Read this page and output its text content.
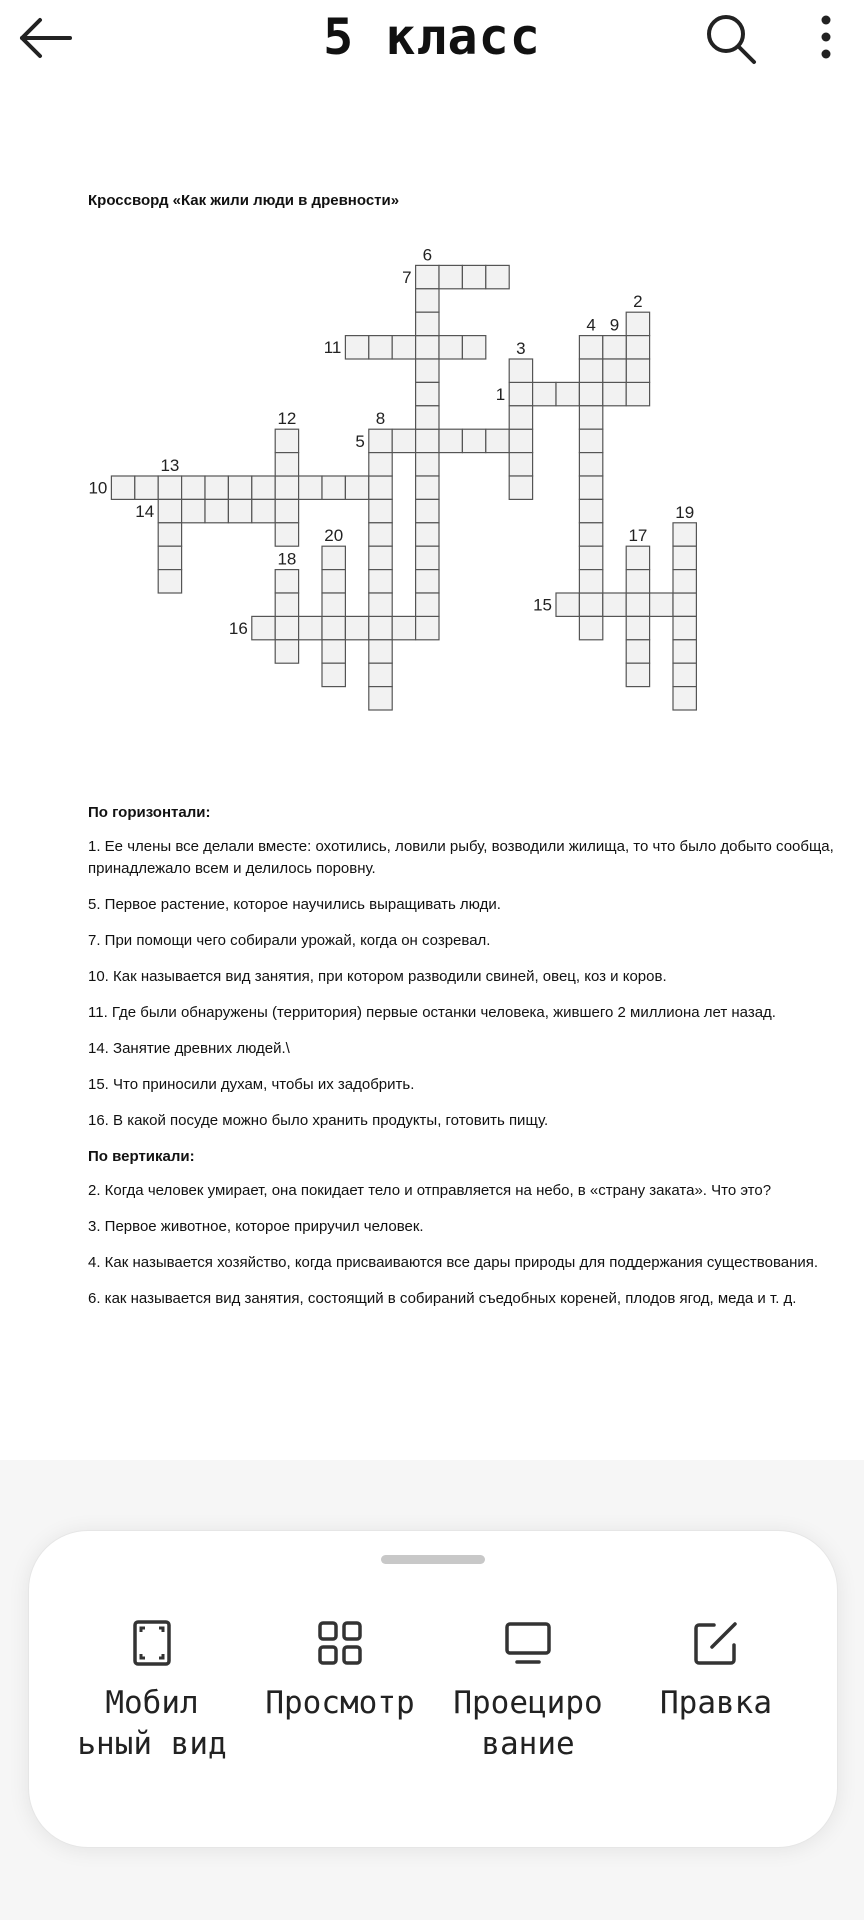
5 класс

Кроссворд «Как жили люди в древности»

1
5
7
10
11
14
15
16
2
3
4
6
8
9
12
13
17
18
19
20

По горизонтали:

1. Ее члены все делали вместе: охотились, ловили рыбу, возводили жилища, то что было добыто сообща, принадлежало всем и делилось поровну.

5. Первое растение, которое научились выращивать люди.

7. При помощи чего собирали урожай, когда он созревал.

10. Как называется вид занятия, при котором разводили свиней, овец, коз и коров.

11. Где были обнаружены (территория) первые останки человека, жившего 2 миллиона лет назад.

14. Занятие древних людей.\

15. Что приносили духам, чтобы их задобрить.

16. В какой посуде можно было хранить продукты, готовить пищу.

По вертикали:

2. Когда человек умирает, она покидает тело и отправляется на небо, в «страну заката». Что это?

3. Первое животное, которое приручил человек.

4. Как называется хозяйство, когда присваиваются все дары природы для поддержания существования.

6. как называется вид занятия, состоящий в собираний съедобных кореней, плодов ягод, меда и т. д.

Мобил
ьный вид
Просмотр	Проециро
вание
Правка
